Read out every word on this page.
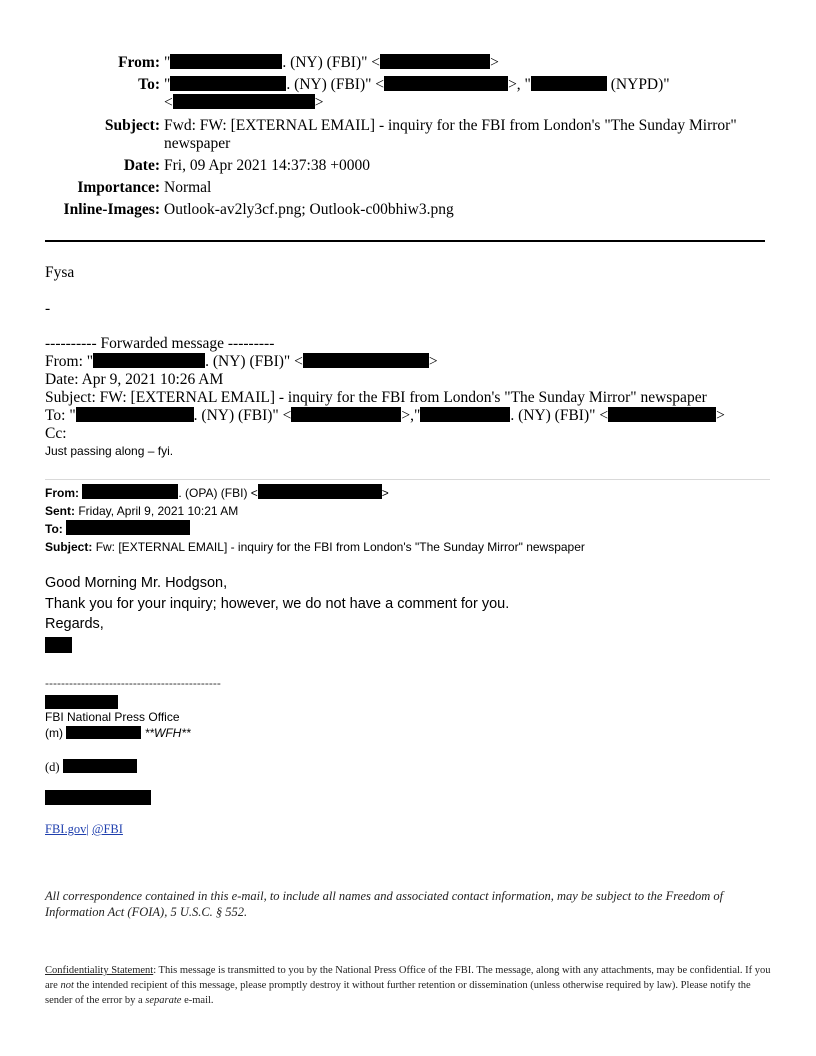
From: "	. (NY) (FBI)" <	>
To: "	. (NY) (FBI)" <	>, "	(NYPD)"
<	>
Subject: Fwd: FW: [EXTERNAL EMAIL] - inquiry for the FBI from London's "The Sunday Mirror"
newspaper
Date: Fri, 09 Apr 2021 14:37:38 +0000
Importance: Normal
Inline-Images: Outlook-av2ly3cf.png; Outlook-c00bhiw3.png
Fysa
-
---------- Forwarded message ---------
From: "	. (NY) (FBI)" <	>
Date: Apr 9, 2021 10:26 AM
Subject: FW: [EXTERNAL EMAIL] - inquiry for the FBI from London's "The Sunday Mirror" newspaper
To: "	. (NY) (FBI)" <	>,"	. (NY) (FBI)" <	>
Cc:
Just passing along – fyi.
From:	. (OPA) (FBI) <	>
Sent: Friday, April 9, 2021 10:21 AM
To:
Subject: Fw: [EXTERNAL EMAIL] - inquiry for the FBI from London's "The Sunday Mirror" newspaper
Good Morning Mr. Hodgson,
Thank you for your inquiry; however, we do not have a comment for you.
Regards,
--------------------------------------------
FBI National Press Office
(m)	**WFH**
(d)
FBI.gov| @FBI
All correspondence contained in this e-mail, to include all names and associated contact information, may be subject to the Freedom of Information Act (FOIA), 5 U.S.C. § 552.
Confidentiality Statement: This message is transmitted to you by the National Press Office of the FBI. The message, along with any attachments, may be confidential. If you are not the intended recipient of this message, please promptly destroy it without further retention or dissemination (unless otherwise required by law). Please notify the sender of the error by a separate e-mail.
